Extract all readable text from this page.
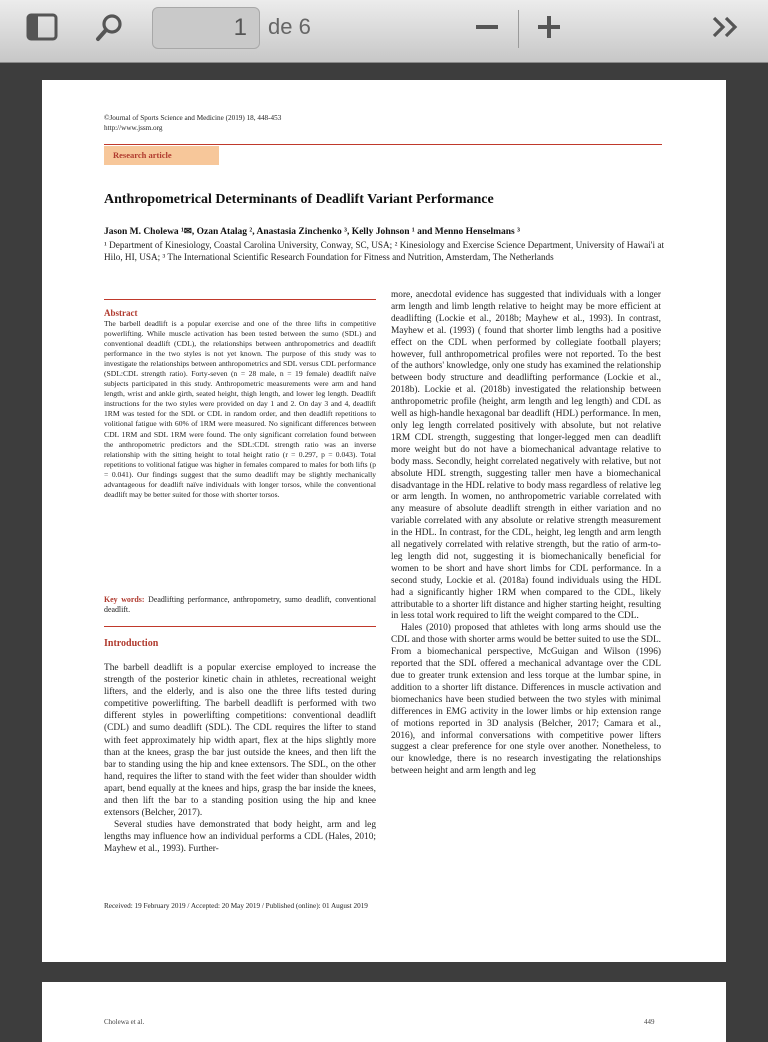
1 de 6
©Journal of Sports Science and Medicine (2019) 18, 448-453
http://www.jssm.org
Research article
Anthropometrical Determinants of Deadlift Variant Performance
Jason M. Cholewa ¹✉, Ozan Atalag ², Anastasia Zinchenko ³, Kelly Johnson ¹ and Menno Henselmans ³
¹ Department of Kinesiology, Coastal Carolina University, Conway, SC, USA; ² Kinesiology and Exercise Science Department, University of Hawai'i at Hilo, HI, USA; ³ The International Scientific Research Foundation for Fitness and Nutrition, Amsterdam, The Netherlands
Abstract
The barbell deadlift is a popular exercise and one of the three lifts in competitive powerlifting. While muscle activation has been tested between the sumo (SDL) and conventional deadlift (CDL), the relationships between anthropometrics and deadlift performance in the two styles is not yet known. The purpose of this study was to investigate the relationships between anthropometrics and SDL versus CDL performance (SDL:CDL strength ratio). Forty-seven (n = 28 male, n = 19 female) deadlift naïve subjects participated in this study. Anthropometric measurements were arm and hand length, wrist and ankle girth, seated height, thigh length, and lower leg length. Deadlift instructions for the two styles were provided on day 1 and 2. On day 3 and 4, deadlift 1RM was tested for the SDL or CDL in random order, and then deadlift repetitions to volitional fatigue with 60% of 1RM were measured. No significant differences between CDL 1RM and SDL 1RM were found. The only significant correlation found between the anthropometric predictors and the SDL:CDL strength ratio was an inverse relationship with the sitting height to total height ratio (r = 0.297, p = 0.043). Total repetitions to volitional fatigue was higher in females compared to males for both lifts (p = 0.041). Our findings suggest that the sumo deadlift may be slightly mechanically advantageous for deadlift naïve individuals with longer torsos, while the conventional deadlift may be better suited for those with shorter torsos.
Key words: Deadlifting performance, anthropometry, sumo deadlift, conventional deadlift.
Introduction
The barbell deadlift is a popular exercise employed to increase the strength of the posterior kinetic chain in athletes, recreational weight lifters, and the elderly, and is also one the three lifts tested during competitive powerlifting. The barbell deadlift is performed with two different styles in powerlifting competitions: conventional deadlift (CDL) and sumo deadlift (SDL). The CDL requires the lifter to stand with feet approximately hip width apart, flex at the hips slightly more than at the knees, grasp the bar just outside the knees, and then lift the bar to standing using the hip and knee extensors. The SDL, on the other hand, requires the lifter to stand with the feet wider than shoulder width apart, bend equally at the knees and hips, grasp the bar inside the knees, and then lift the bar to a standing position using the hip and knee extensors (Belcher, 2017).
Several studies have demonstrated that body height, arm and leg lengths may influence how an individual performs a CDL (Hales, 2010; Mayhew et al., 1993). Further-
more, anecdotal evidence has suggested that individuals with a longer arm length and limb length relative to height may be more efficient at deadlifting (Lockie et al., 2018b; Mayhew et al., 1993). In contrast, Mayhew et al. (1993) ( found that shorter limb lengths had a positive effect on the CDL when performed by collegiate football players; however, full anthropometrical profiles were not reported. To the best of the authors' knowledge, only one study has examined the relationship between body structure and deadlifting performance (Lockie et al., 2018b). Lockie et al. (2018b) investigated the relationship between anthropometric profile (height, arm length and leg length) and CDL as well as high-handle hexagonal bar deadlift (HDL) performance. In men, only leg length correlated positively with absolute, but not relative 1RM CDL strength, suggesting that longer-legged men can deadlift more weight but do not have a biomechanical advantage relative to body mass. Secondly, height correlated negatively with relative, but not absolute HDL strength, suggesting taller men have a biomechanical disadvantage in the HDL relative to body mass regardless of relative leg or arm length. In women, no anthropometric variable correlated with any measure of absolute deadlift strength in either variation and no variable correlated with any absolute or relative strength measurement in the HDL. In contrast, for the CDL, height, leg length and arm length all negatively correlated with relative strength, but the ratio of arm-to-leg length did not, suggesting it is biomechanically beneficial for women to be short and have short limbs for CDL performance. In a second study, Lockie et al. (2018a) found individuals using the HDL had a significantly higher 1RM when compared to the CDL, likely attributable to a shorter lift distance and higher starting height, resulting in less total work required to lift the weight compared to the CDL.
Hales (2010) proposed that athletes with long arms should use the CDL and those with shorter arms would be better suited to use the SDL. From a biomechanical perspective, McGuigan and Wilson (1996) reported that the SDL offered a mechanical advantage over the CDL due to greater trunk extension and less torque at the lumbar spine, in addition to a shorter lift distance. Differences in muscle activation and biomechanics have been studied between the two styles with minimal differences in EMG activity in the lower limbs or hip extension range of motions reported in 3D analysis (Belcher, 2017; Camara et al., 2016), and informal conversations with competitive power lifters suggest a clear preference for one style over another. Nonetheless, to our knowledge, there is no research investigating the relationships between height and arm length and leg
Received: 19 February 2019 / Accepted: 20 May 2019 / Published (online): 01 August 2019
Cholewa et al.	449
